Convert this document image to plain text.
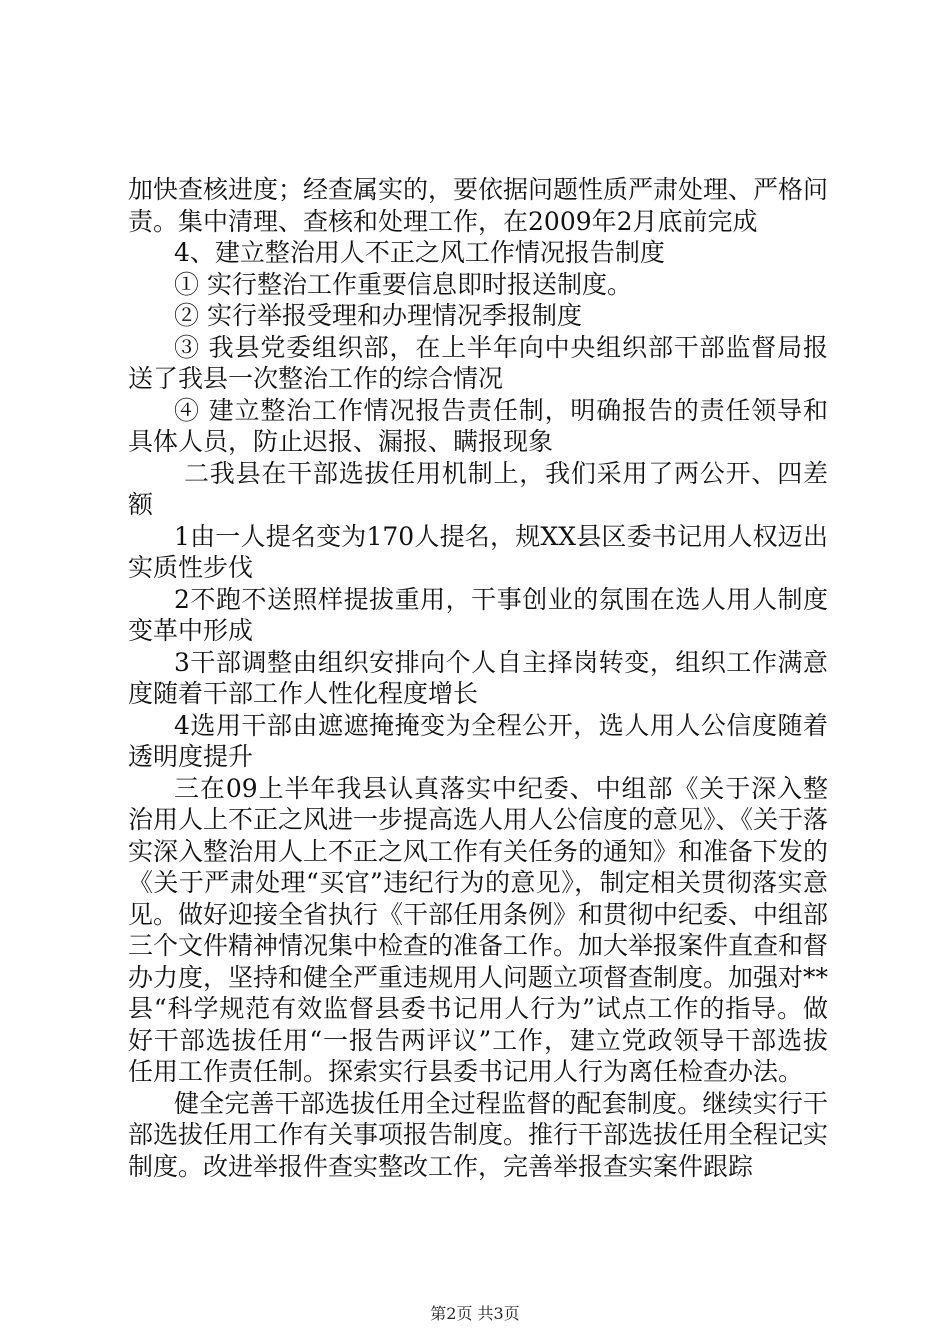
加快查核进度；经查属实的，要依据问题性质严肃处理、严格问责。集中清理、查核和处理工作，在2009年2月底前完成

4、建立整治用人不正之风工作情况报告制度

① 实行整治工作重要信息即时报送制度。

② 实行举报受理和办理情况季报制度

③ 我县党委组织部，在上半年向中央组织部干部监督局报送了我县一次整治工作的综合情况

④ 建立整治工作情况报告责任制，明确报告的责任领导和具体人员，防止迟报、漏报、瞒报现象

二我县在干部选拔任用机制上，我们采用了两公开、四差额

1由一人提名变为170人提名，规XX县区委书记用人权迈出实质性步伐

2不跑不送照样提拔重用，干事创业的氛围在选人用人制度变革中形成

3干部调整由组织安排向个人自主择岗转变，组织工作满意度随着干部工作人性化程度增长

4选用干部由遮遮掩掩变为全程公开，选人用人公信度随着透明度提升

三在09上半年我县认真落实中纪委、中组部《关于深入整治用人上不正之风进一步提高选人用人公信度的意见》、《关于落实深入整治用人上不正之风工作有关任务的通知》和准备下发的《关于严肃处理“买官”违纪行为的意见》，制定相关贯彻落实意见。做好迎接全省执行《干部任用条例》和贯彻中纪委、中组部三个文件精神情况集中检查的准备工作。加大举报案件直查和督办力度，坚持和健全严重违规用人问题立项督查制度。加强对**县“科学规范有效监督县委书记用人行为”试点工作的指导。做好干部选拔任用“一报告两评议”工作，建立党政领导干部选拔任用工作责任制。探索实行县委书记用人行为离任检查办法。

健全完善干部选拔任用全过程监督的配套制度。继续实行干部选拔任用工作有关事项报告制度。推行干部选拔任用全程记实制度。改进举报件查实整改工作，完善举报查实案件跟踪

第2页 共3页
